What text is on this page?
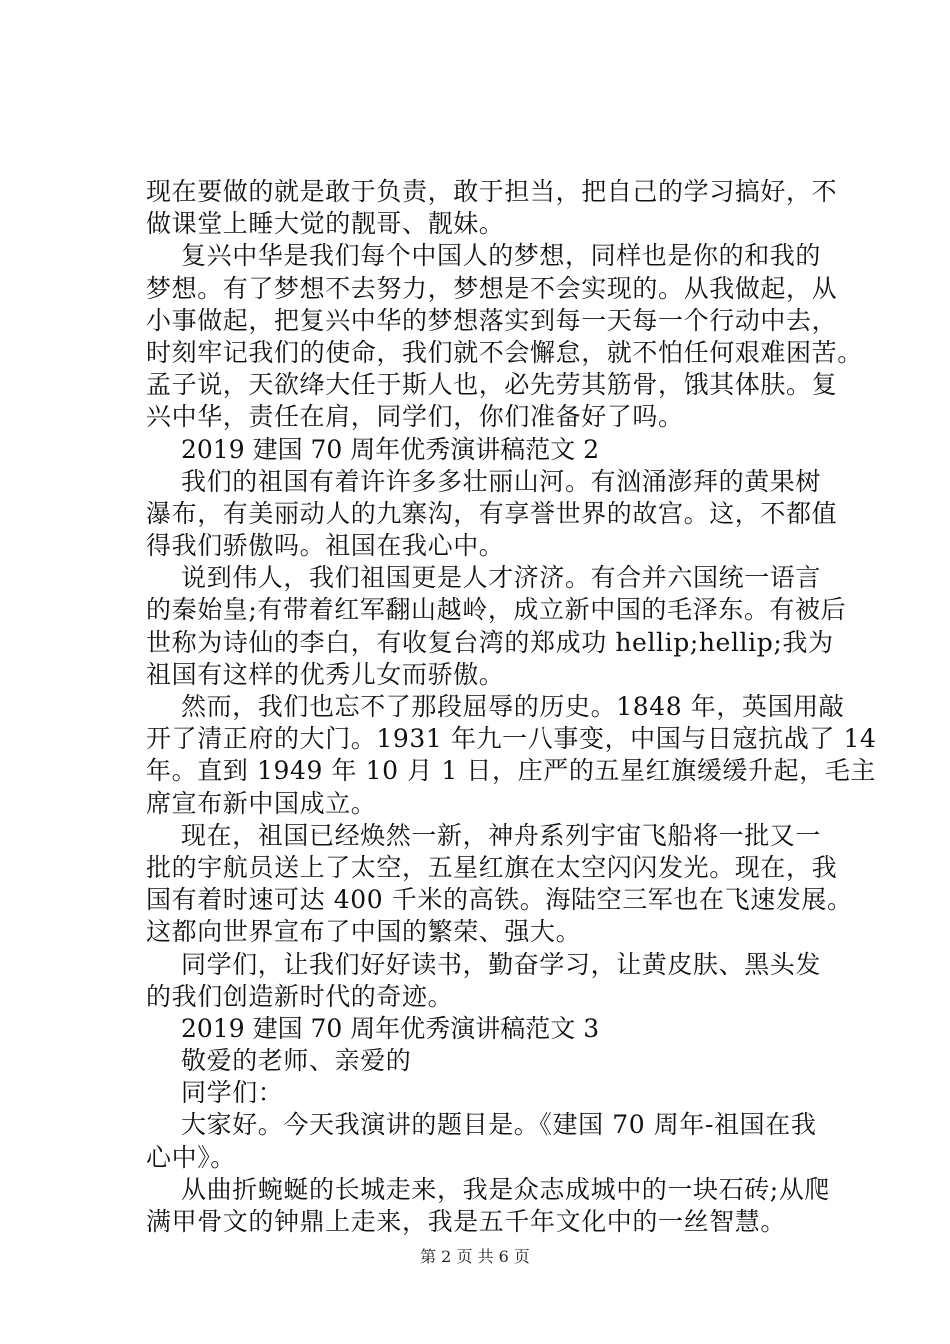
现在要做的就是敢于负责，敢于担当，把自己的学习搞好，不
做课堂上睡大觉的靓哥、靓妹。
复兴中华是我们每个中国人的梦想，同样也是你的和我的
梦想。有了梦想不去努力，梦想是不会实现的。从我做起，从
小事做起，把复兴中华的梦想落实到每一天每一个行动中去，
时刻牢记我们的使命，我们就不会懈怠，就不怕任何艰难困苦。
孟子说，天欲绛大任于斯人也，必先劳其筋骨，饿其体肤。复
兴中华，责任在肩，同学们，你们准备好了吗。
2019 建国 70 周年优秀演讲稿范文 2
我们的祖国有着许许多多壮丽山河。有汹涌澎拜的黄果树
瀑布，有美丽动人的九寨沟，有享誉世界的故宫。这，不都值
得我们骄傲吗。祖国在我心中。
说到伟人，我们祖国更是人才济济。有合并六国统一语言
的秦始皇;有带着红军翻山越岭，成立新中国的毛泽东。有被后
世称为诗仙的李白，有收复台湾的郑成功 hellip;hellip;我为
祖国有这样的优秀儿女而骄傲。
然而，我们也忘不了那段屈辱的历史。1848 年，英国用敲
开了清正府的大门。1931 年九一八事变，中国与日寇抗战了 14
年。直到 1949 年 10 月 1 日，庄严的五星红旗缓缓升起，毛主
席宣布新中国成立。
现在，祖国已经焕然一新，神舟系列宇宙飞船将一批又一
批的宇航员送上了太空，五星红旗在太空闪闪发光。现在，我
国有着时速可达 400 千米的高铁。海陆空三军也在飞速发展。
这都向世界宣布了中国的繁荣、强大。
同学们，让我们好好读书，勤奋学习，让黄皮肤、黑头发
的我们创造新时代的奇迹。
2019 建国 70 周年优秀演讲稿范文 3
敬爱的老师、亲爱的
同学们：
大家好。今天我演讲的题目是。《建国 70 周年-祖国在我
心中》。
从曲折蜿蜒的长城走来，我是众志成城中的一块石砖;从爬
满甲骨文的钟鼎上走来，我是五千年文化中的一丝智慧。
第 2 页 共 6 页
